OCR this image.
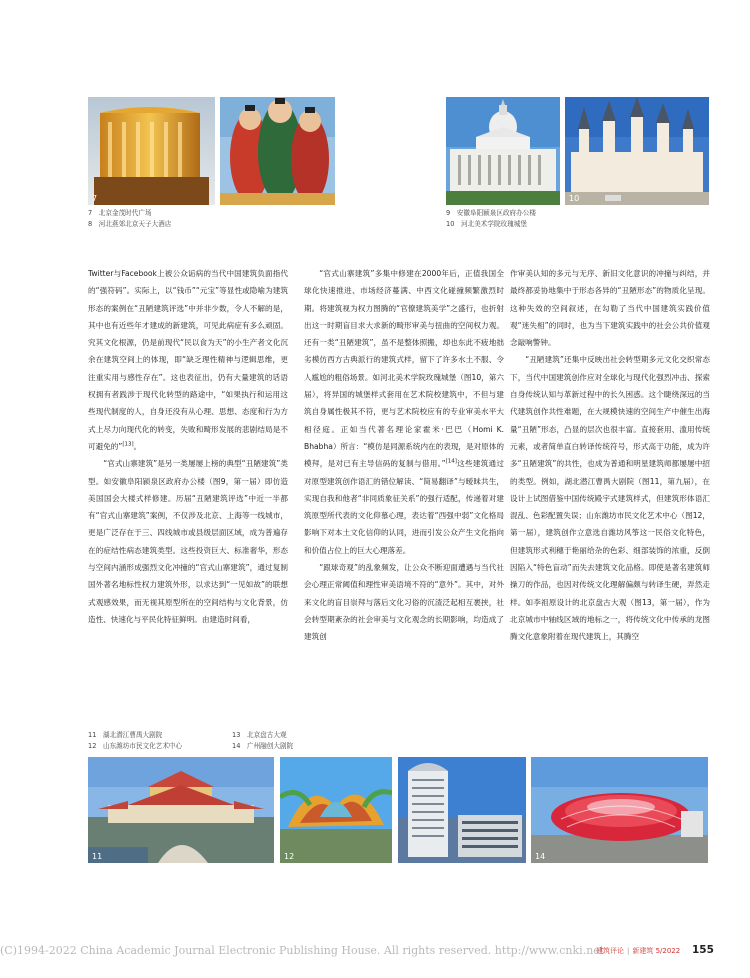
7	10
7　北京金茂时代广场
8　河北燕郊北京天子大酒店
9　安徽阜阳颍泉区政府办公楼
10　河北美术学院玫瑰城堡

Twitter与Facebook上被公众诟病的当代中国建筑负面指代的“强符码”。实际上，以“钱币”“元宝”等显性或隐喻为建筑形态的案例在“丑陋建筑评选”中并非少数，令人不解的是，其中也有近些年才建成的新建筑，可见此病症有多么顽固。究其文化根源，仍是前现代“民以食为天”的小生产者文化沉余在建筑空间上的体现，即“缺乏理性精神与逻辑思维，更注重实用与感性存在”。这也表征出，仍有大量建筑的话语权拥有者践涉于现代化转型的路途中，“如果执行和运用这些现代制度的人，自身还没有从心理、思想、态度和行为方式上尽力向现代化的转变，失败和畸形发展的悲剧结局是不可避免的”[13]。

“官式山寨建筑”是另一类屡屡上榜的典型“丑陋建筑”类型。如安徽阜阳颍泉区政府办公楼（图9，第一届）即仿造美国国会大楼式样修建。历届“丑陋建筑评选”中近一半都有“官式山寨建筑”案例，不仅涉及北京、上海等一线城市，更是广泛存在于三、四线城市或县级层面区域，成为普遍存在的症结性病态建筑类型。这些投资巨大、标准奢华，形态与空间内涵形成强烈文化冲撞的“官式山寨建筑”，通过复制国外著名地标性权力建筑外形，以求达到“一见如故”的联想式观感效果，而无视其原型所在的空间结构与文化背景，仿造性、快速化与平民化特征鲜明。由建造时间看，

“官式山寨建筑”多集中修建在2000年后，正值我国全球化快速推进、市场经济蔓满、中西文化碰撞频繁激烈时期。将建筑视为权力图腾的“官僚建筑美学”之盛行，也折射出这一时期盲目求大求新的畸形审美与扭曲的空间权力观。还有一类“丑陋建筑”，虽不是整体照搬，却也东此不疲地拙劣模仿西方古典派行的建筑式样，留下了许多水土不服、令人尴尬的粗俗场景。如河北美术学院玫瑰城堡（图10，第六届），将异国的城堡样式套用在艺术院校建筑中，不但与建筑自身属性极其不符，更与艺术院校应有的专业审美水平大相径庭。正如当代著名理论家霍米·巴巴（Homi K. Bhabha）所言：“模仿是同源系统内在的表现，是对原体的模拜，是对已有主导信码的复制与借用。”[14]这些建筑通过对原型建筑创作语汇的错位解读、“简易翻译”与暧昧共生，实现自我和他者“非同质象征关系”的强行适配，传递着对建筑原型所代表的文化仰慕心理，表达着“西强中弱”文化格局影响下对本土文化信仰的认同，进而引发公众产生文化指向和价值占位上的巨大心理落差。

“跟球奇观”的乱象频发，让公众不断迎面遭遇与当代社会心理正常阈值和理性审美语境不符的“意外”。其中，对外来文化的盲目崇拜与落后文化习俗的沉渣泛起相互裹挟，社会转型期紊杂的社会审美与文化观念的长期影响，均造成了建筑创

作审美认知的多元与无序、新旧文化意识的冲撞与纠结，并最终都妥协地集中于形态各异的“丑陋形态”的物质化呈现。这种失效的空间叙述，在勾勒了当代中国建筑实践价值观“迷失相”的同时，也为当下建筑实践中的社会公共价值观念敲响警钟。

“丑陋建筑”还集中反映出社会转型期多元文化交织常态下，当代中国建筑创作应对全球化与现代化强烈冲击、探索自身传统认知与革新过程中的长久困惑。这个睫绕深远的当代建筑创作共性难题，在大规模快速的空间生产中催生出海量“丑陋”形态，凸显的层次也很丰富。直接套用、滥用传统元素，或者简单直白转译传统符号，形式高于功能，成为许多“丑陋建筑”的共性，也成为普通和明星建筑师都屡屡中招的类型。例如，湖北潜江曹禺大剧院（图11，第九届），在设计上试图借鉴中国传统殿宇式建筑样式，但建筑形体语汇混乱、色彩配置失误；山东潍坊市民文化艺术中心（图12，第一届），建筑创作立意选自潍坊风筝这一民俗文化特色，但建筑形式利穗于艳丽给杂的色彩、细部装饰的浓重，反倒因陷入“特色盲动”而失去建筑文化品格。即使是著名建筑师操刀的作品，也因对传统文化理解偏颇与转译生硬，弄然走样。如李祖原设计的北京盘古大观（图13，第一届），作为北京城市中轴线区域的地标之一，将传统文化中传承的龙图腾文化意象附着在现代建筑上，其腾空

11　湖北潜江曹禺大剧院
12　山东潍坊市民文化艺术中心
13　北京盘古大观
14　广州融创大剧院
11	12	14
(C)1994-2022 China Academic Journal Electronic Publishing House. All rights reserved. http://www.cnki.net
建筑评论 | 新建筑 5/2022 155
